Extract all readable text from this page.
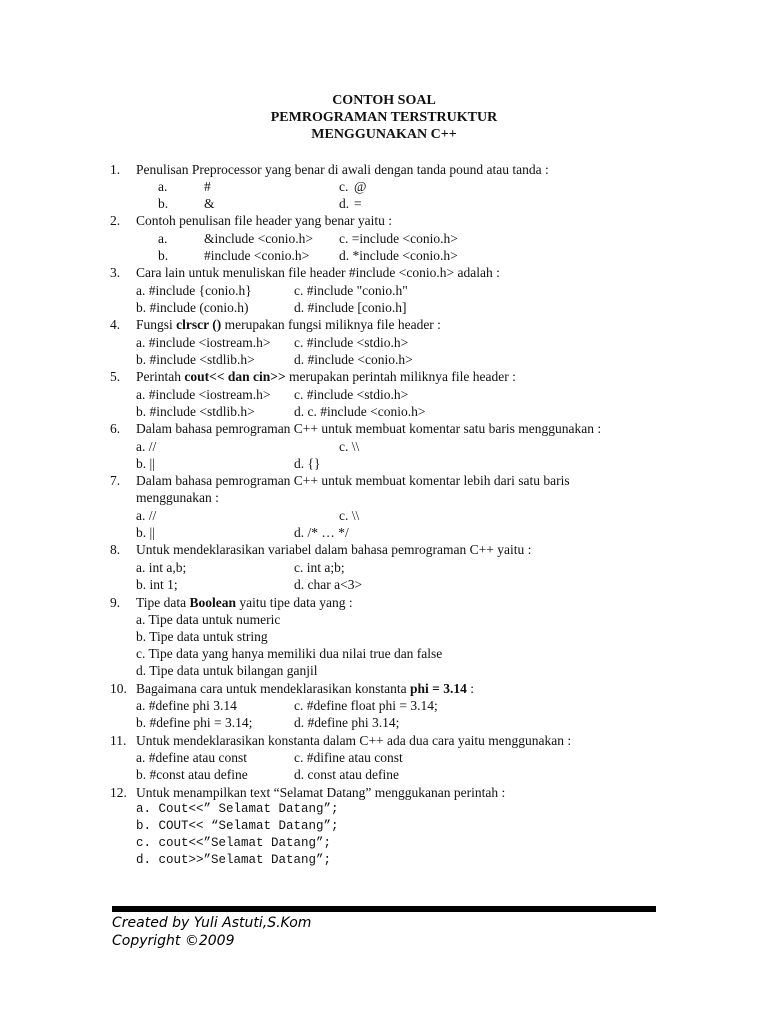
CONTOH SOAL
PEMROGRAMAN TERSTRUKTUR
MENGGUNAKAN C++
1. Penulisan Preprocessor yang benar di awali dengan tanda pound atau tanda :
a.	#	c. @
b.	&	d. =
2. Contoh penulisan file header yang benar yaitu :
a.	&include <conio.h> c. =include <conio.h>
b.	#include <conio.h> d. *include <conio.h>
3. Cara lain untuk menuliskan file header #include <conio.h> adalah :
a. #include {conio.h}	c. #include "conio.h"
b. #include (conio.h)	d. #include [conio.h]
4. Fungsi clrscr () merupakan fungsi miliknya file header :
a. #include <iostream.h> c. #include <stdio.h>
b. #include <stdlib.h>	d. #include <conio.h>
5. Perintah cout<< dan cin>> merupakan perintah miliknya file header :
a. #include <iostream.h> c. #include <stdio.h>
b. #include <stdlib.h>	d. c. #include <conio.h>
6. Dalam bahasa pemrograman C++ untuk membuat komentar satu baris menggunakan :
a. //	c. \\
b. ||	d. {}
7. Dalam bahasa pemrograman C++ untuk membuat komentar lebih dari satu baris
menggunakan :
a. //	c. \\
b. ||	d. /* … */
8. Untuk mendeklarasikan variabel dalam bahasa pemrograman C++ yaitu :
a. int a,b;	c. int a;b;
b. int 1;	d. char a<3>
9. Tipe data Boolean yaitu tipe data yang :
a. Tipe data untuk numeric
b. Tipe data untuk string
c. Tipe data yang hanya memiliki dua nilai true dan false
d. Tipe data untuk bilangan ganjil
10. Bagaimana cara untuk mendeklarasikan konstanta phi = 3.14 :
a. #define phi 3.14	c. #define float phi = 3.14;
b. #define phi = 3.14;	d. #define phi 3.14;
11. Untuk mendeklarasikan konstanta dalam C++ ada dua cara yaitu menggunakan :
a. #define atau const	c. #difine atau const
b. #const atau define	d. const atau define
12. Untuk menampilkan text “Selamat Datang” menggukanan perintah :
a. Cout<<” Selamat Datang”;
b. COUT<< “Selamat Datang”;
c. cout<<”Selamat Datang”;
d. cout>>”Selamat Datang”;
Created by Yuli Astuti,S.Kom
Copyright ©2009
